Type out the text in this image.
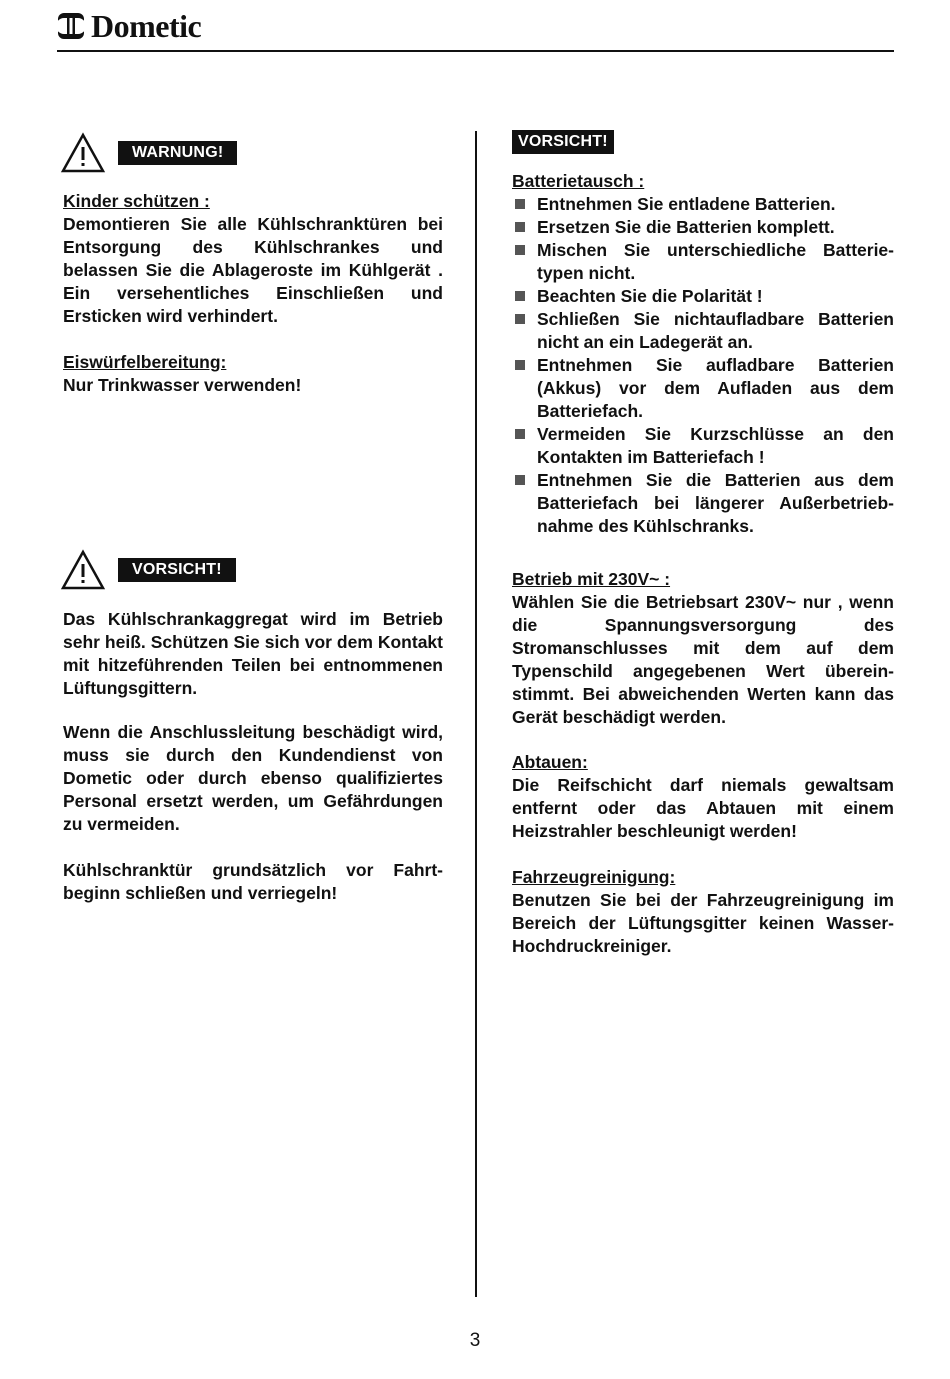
Dometic
WARNUNG!

Kinder schützen :

Demontieren Sie alle Kühlschranktüren bei Entsorgung des Kühlschrankes und belassen Sie die Ablageroste im Kühlgerät . Ein versehentliches Einschließen und Ersticken wird verhindert.

Eiswürfelbereitung:

Nur Trinkwasser verwenden!

VORSICHT!

Das Kühlschrankaggregat wird im Betrieb sehr heiß. Schützen Sie sich vor dem Kontakt mit hitzeführenden Teilen bei entnommenen Lüftungsgittern.

Wenn die Anschlussleitung beschädigt wird, muss sie durch den Kundendienst von Dometic oder durch ebenso qualifiziertes Personal ersetzt werden, um Gefährdungen zu vermeiden.

Kühlschranktür grundsätzlich vor Fahrtbeginn schließen und verriegeln!

VORSICHT!

Batterietausch :

Entnehmen Sie entladene Batterien.
Ersetzen Sie die Batterien komplett.
Mischen Sie unterschiedliche Batterietypen nicht.
Beachten Sie die Polarität !
Schließen Sie nichtaufladbare Batterien nicht an ein Ladegerät an.
Entnehmen Sie aufladbare Batterien (Akkus) vor dem Aufladen aus dem Batteriefach.
Vermeiden Sie Kurzschlüsse an den Kontakten im Batteriefach !
Entnehmen Sie die Batterien aus dem Batteriefach bei längerer Außerbetriebnahme des Kühlschranks.

Betrieb mit 230V~ :

Wählen Sie die Betriebsart 230V~ nur , wenn die Spannungsversorgung des Stromanschlusses mit dem auf dem Typenschild angegebenen Wert übereinstimmt. Bei abweichenden Werten kann das Gerät beschädigt werden.

Abtauen:

Die Reifschicht darf niemals gewaltsam entfernt oder das Abtauen mit einem Heizstrahler beschleunigt werden!

Fahrzeugreinigung:

Benutzen Sie bei der Fahrzeugreinigung im Bereich der Lüftungsgitter keinen Wasser-Hochdruckreiniger.

3
